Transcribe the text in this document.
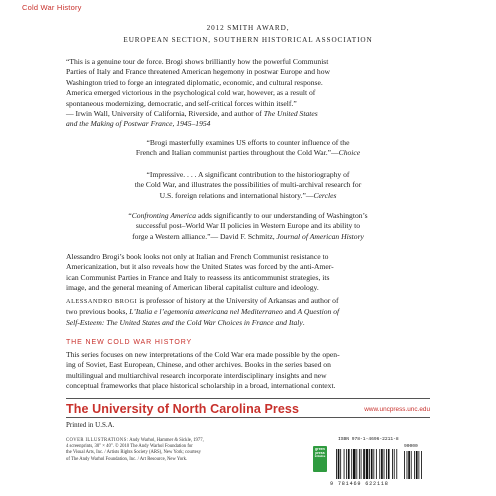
Cold War History
2012 SMITH AWARD,
EUROPEAN SECTION, SOUTHERN HISTORICAL ASSOCIATION
“This is a genuine tour de force. Brogi shows brilliantly how the powerful Communist
Parties of Italy and France threatened American hegemony in postwar Europe and how
Washington tried to forge an integrated diplomatic, economic, and cultural response.
America emerged victorious in the psychological cold war, however, as a result of
spontaneous modernizing, democratic, and self-critical forces within itself.”
— Irwin Wall, University of California, Riverside, and author of The United States
and the Making of Postwar France, 1945–1954
“Brogi masterfully examines US efforts to counter influence of the
French and Italian communist parties throughout the Cold War.”—Choice
“Impressive. . . . A significant contribution to the historiography of
the Cold War, and illustrates the possibilities of multi-archival research for
U.S. foreign relations and international history.”—Cercles
“Confronting America adds significantly to our understanding of Washington’s
successful post–World War II policies in Western Europe and its ability to
forge a Western alliance.”— David F. Schmitz, Journal of American History
Alessandro Brogi’s book looks not only at Italian and French Communist resistance to
Americanization, but it also reveals how the United States was forced by the anti-Amer-
ican Communist Parties in France and Italy to reassess its anticommunist strategies, its
image, and the general meaning of American liberal capitalist culture and ideology.
ALESSANDRO BROGI is professor of history at the University of Arkansas and author of
two previous books, L’Italia e l’egemonia americana nel Mediterraneo and A Question of
Self-Esteem: The United States and the Cold War Choices in France and Italy.
THE NEW COLD WAR HISTORY
This series focuses on new interpretations of the Cold War era made possible by the open-
ing of Soviet, East European, Chinese, and other archives. Books in the series based on
multilingual and multiarchival research incorporate interdisciplinary insights and new
conceptual frameworks that place historical scholarship in a broad, international context.
The University of North Carolina Press	www.uncpress.unc.edu
Printed in U.S.A.
COVER ILLUSTRATIONS: Andy Warhol, Hammer & Sickle, 1977,
4 screenprints, 30" × 40". © 2010 The Andy Warhol Foundation for
the Visual Arts, Inc. / Artists Rights Society (ARS), New York; courtesy
of The Andy Warhol Foundation, Inc. / Art Resource, New York.
green
press
initiative
ISBN 978-1-4696-2211-8
90000
9 781469 622118
